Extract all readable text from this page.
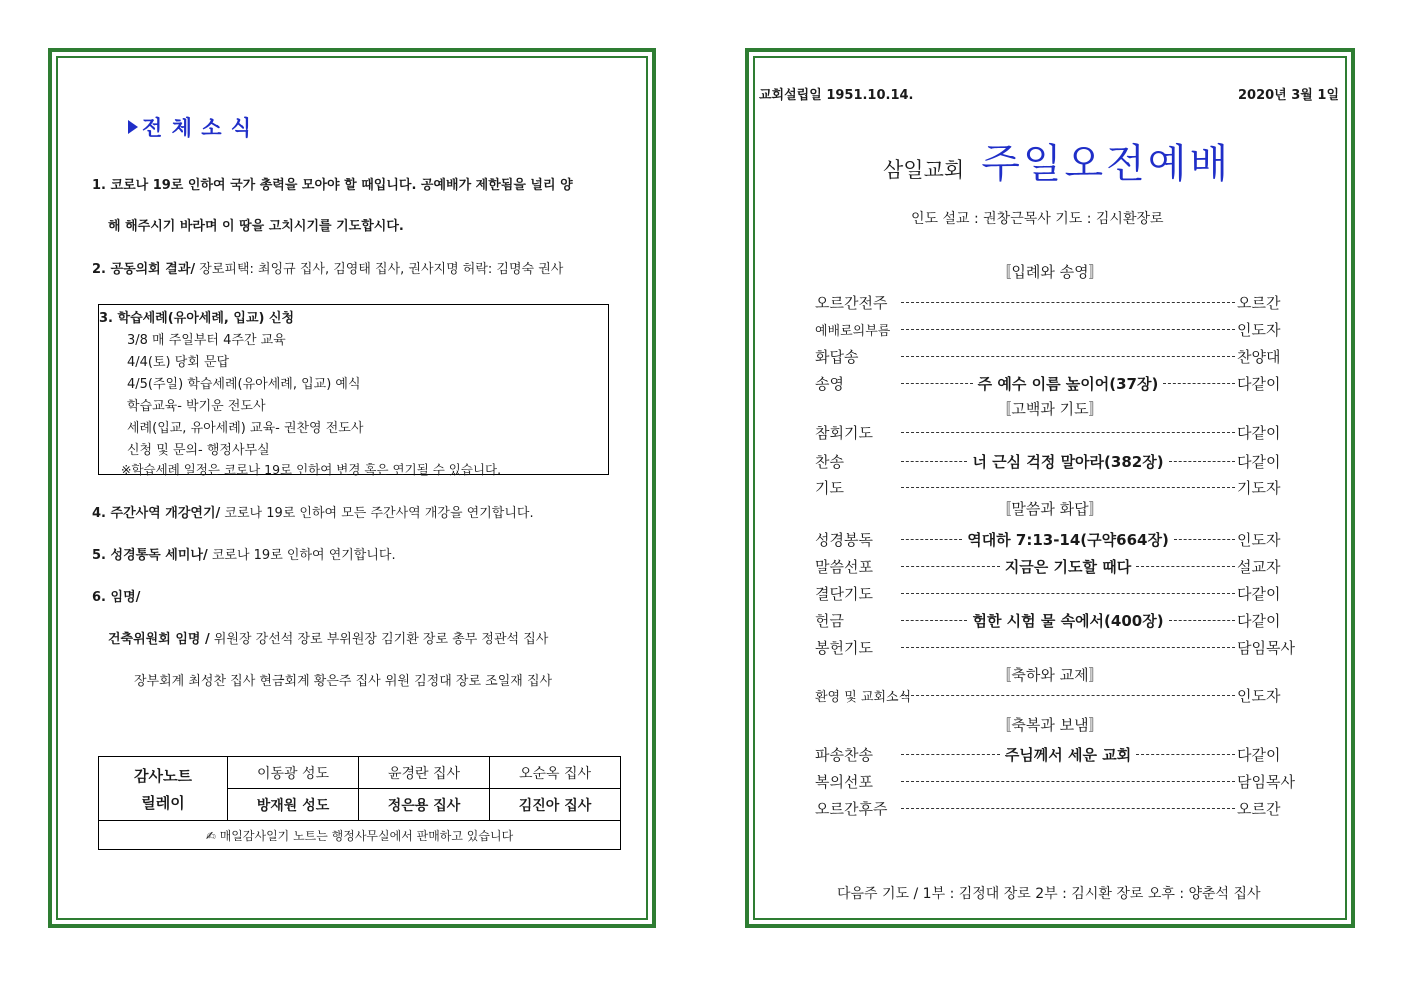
전 체 소 식
1. 코로나 19로 인하여 국가 총력을 모아야 할 때입니다. 공예배가 제한됨을 널리 양
해 해주시기 바라며 이 땅을 고치시기를 기도합시다.
2. 공동의회 결과/ 장로피택: 최잉규 집사, 김영태 집사, 권사지명 허락: 김명숙 권사
3. 학습세례(유아세례, 입교) 신청
3/8 매 주일부터 4주간 교육
4/4(토) 당회 문답
4/5(주일) 학습세례(유아세례, 입교) 예식
학습교육- 박기운 전도사
세례(입교, 유아세례) 교육- 권찬영 전도사
신청 및 문의- 행정사무실
※학습세례 일정은 코로나 19로 인하여 변경 혹은 연기될 수 있습니다.
4. 주간사역 개강연기/ 코로나 19로 인하여 모든 주간사역 개강을 연기합니다.
5. 성경통독 세미나/ 코로나 19로 인하여 연기합니다.
6. 임명/
건축위원회 임명 / 위원장 강선석 장로 부위원장 김기환 장로 총무 정관석 집사
장부회계 최성찬 집사 현금회계 황은주 집사 위원 김정대 장로 조일재 집사
감사노트
릴레이	이동광 성도	윤경란 집사	오순옥 집사
	방재원 성도	정은용 집사	김진아 집사
✍ 매일감사일기 노트는 행정사무실에서 판매하고 있습니다			
교회설립일 1951.10.14.	2020년 3월 1일
삼일교회 주일오전예배
인도 설교 : 권창근목사 기도 : 김시환장로
〚입례와 송영〛
〚고백과 기도〛
〚말씀과 화답〛
〚축하와 교제〛
〚축복과 보냄〛
오르간전주	오르간
예배로의부름	인도자
화답송	찬양대
송영	주 예수 이름 높이어(37장)	다같이
참회기도	다같이
찬송	너 근심 걱정 말아라(382장)	다같이
기도	기도자
성경봉독	역대하 7:13-14(구약664장)	인도자
말씀선포	지금은 기도할 때다	설교자
결단기도	다같이
헌금	험한 시험 물 속에서(400장)	다같이
봉헌기도	담임목사
환영 및 교회소식	인도자
파송찬송	주님께서 세운 교회	다같이
복의선포	담임목사
오르간후주	오르간
다음주 기도 / 1부 : 김정대 장로 2부 : 김시환 장로 오후 : 양춘석 집사
